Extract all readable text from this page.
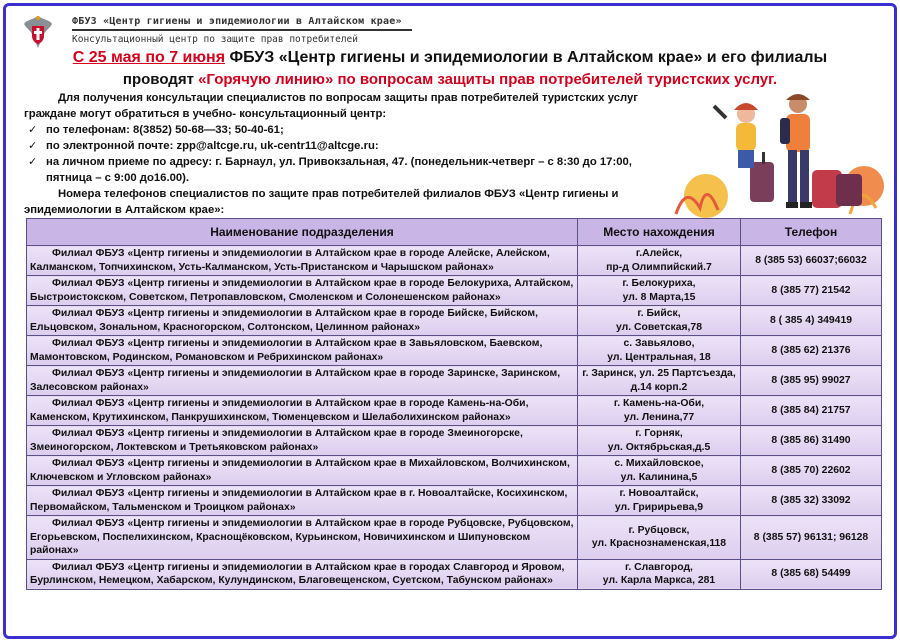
ФБУЗ «Центр гигиены и эпидемиологии в Алтайском крае»
Консультационный центр по защите прав потребителей
С 25 мая по 7 июня ФБУЗ «Центр гигиены и эпидемиологии в Алтайском крае» и его филиалы
проводят «Горячую линию» по вопросам защиты прав потребителей туристских услуг.

Для получения консультации специалистов по вопросам защиты прав потребителей туристских услуг граждане могут обратиться в учебно- консультационный центр:

✓ по телефонам: 8(3852) 50-68—33; 50-40-61;
✓ по электронной почте: zpp@altcge.ru, uk-centr11@altcge.ru:
✓ на личном приеме по адресу: г. Барнаул, ул. Привокзальная, 47. (понедельник-четверг – с 8:30 до 17:00,
пятница – с 9:00 до16.00).
Номера телефонов специалистов по защите прав потребителей филиалов ФБУЗ «Центр гигиены и эпидемиологии в Алтайском крае»:
Наименование подразделения	Место нахождения	Телефон
Филиал ФБУЗ «Центр гигиены и эпидемиологии в Алтайском крае в городе Алейске, Алейском, Калманском, Топчихинском, Усть-Калманском, Усть-Пристанском и Чарышском районах»	г.Алейск,
пр-д Олимпийский.7	8 (385 53) 66037;66032
Филиал ФБУЗ «Центр гигиены и эпидемиологии в Алтайском крае в городе Белокуриха, Алтайском, Быстроистокском, Советском, Петропавловском, Смоленском и Солонешенском районах»	г. Белокуриха,
ул. 8 Марта,15	8 (385 77) 21542
Филиал ФБУЗ «Центр гигиены и эпидемиологии в Алтайском крае в городе Бийске, Бийском, Ельцовском, Зональном, Красногорском, Солтонском, Целинном районах»	г. Бийск,
ул. Советская,78	8 ( 385 4) 349419
Филиал ФБУЗ «Центр гигиены и эпидемиологии в Алтайском крае в Завьяловском, Баевском, Мамонтовском, Родинском, Романовском и Ребрихинском районах»	с. Завьялово,
ул. Центральная, 18	8 (385 62) 21376
Филиал ФБУЗ «Центр гигиены и эпидемиологии в Алтайском крае в городе Заринске, Заринском, Залесовском районах»	г. Заринск, ул. 25 Партсъезда,
д.14 корп.2	8 (385 95) 99027
Филиал ФБУЗ «Центр гигиены и эпидемиологии в Алтайском крае в городе Камень-на-Оби, Каменском, Крутихинском, Панкрушихинском, Тюменцевском и Шелаболихинском районах»	г. Камень-на-Оби,
ул. Ленина,77	8 (385 84) 21757
Филиал ФБУЗ «Центр гигиены и эпидемиологии в Алтайском крае в городе Змеиногорске, Змеиногорском, Локтевском и Третьяковском районах»	г. Горняк,
ул. Октябрьская,д.5	8 (385 86) 31490
Филиал ФБУЗ «Центр гигиены и эпидемиологии в Алтайском крае в Михайловском, Волчихинском, Ключевском и Угловском районах»	с. Михайловское,
ул. Калинина,5	8 (385 70) 22602
Филиал ФБУЗ «Центр гигиены и эпидемиологии в Алтайском крае в г. Новоалтайске, Косихинском, Первомайском, Тальменском и Троицком районах»	г. Новоалтайск,
ул. Гририрьева,9	8 (385 32) 33092
Филиал ФБУЗ «Центр гигиены и эпидемиологии в Алтайском крае в городе Рубцовске, Рубцовском, Егорьевском, Поспелихинском, Краснощёковском, Курьинском, Новичихинском и Шипуновском районах»	г. Рубцовск,
ул. Краснознаменская,118	8 (385 57) 96131; 96128
Филиал ФБУЗ «Центр гигиены и эпидемиологии в Алтайском крае в городах Славгород и Яровом, Бурлинском, Немецком, Хабарском, Кулундинском, Благовещенском, Суетском, Табунском районах»	г. Славгород,
ул. Карла Маркса, 281	8 (385 68) 54499
